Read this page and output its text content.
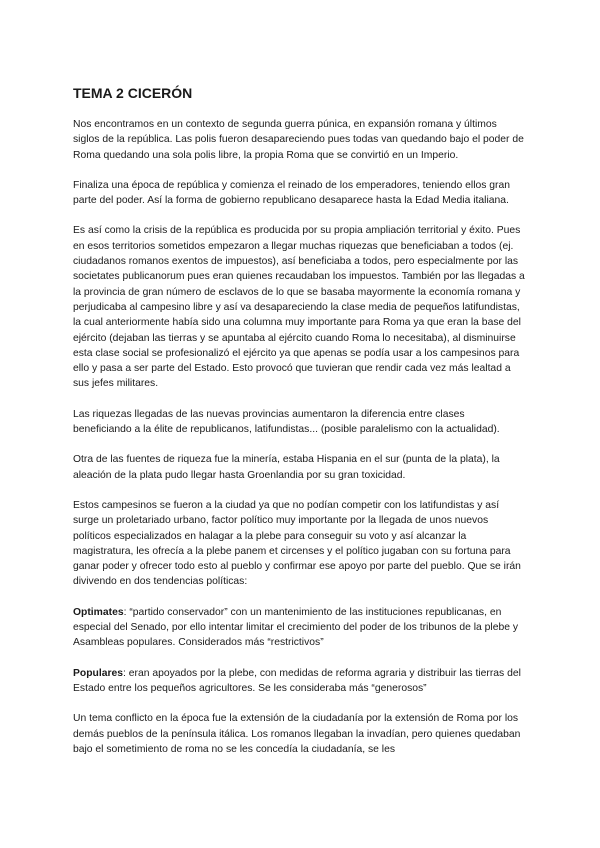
TEMA 2 CICERÓN

Nos encontramos en un contexto de segunda guerra púnica, en expansión romana y últimos siglos de la república. Las polis fueron desapareciendo pues todas van quedando bajo el poder de Roma quedando una sola polis libre, la propia Roma que se convirtió en un Imperio.

Finaliza una época de república y comienza el reinado de los emperadores, teniendo ellos gran parte del poder. Así la forma de gobierno republicano desaparece hasta la Edad Media italiana.

Es así como la crisis de la república es producida por su propia ampliación territorial y éxito. Pues en esos territorios sometidos empezaron a llegar muchas riquezas que beneficiaban a todos (ej. ciudadanos romanos exentos de impuestos), así beneficiaba a todos, pero especialmente por las societates publicanorum pues eran quienes recaudaban los impuestos. También por las llegadas a la provincia de gran número de esclavos de lo que se basaba mayormente la economía romana y perjudicaba al campesino libre y así va desapareciendo la clase media de pequeños latifundistas, la cual anteriormente había sido una columna muy importante para Roma ya que eran la base del ejército (dejaban las tierras y se apuntaba al ejército cuando Roma lo necesitaba), al disminuirse esta clase social se profesionalizó el ejército ya que apenas se podía usar a los campesinos para ello y pasa a ser parte del Estado. Esto provocó que tuvieran que rendir cada vez más lealtad a sus jefes militares.

Las riquezas llegadas de las nuevas provincias aumentaron la diferencia entre clases beneficiando a la élite de republicanos, latifundistas... (posible paralelismo con la actualidad).

Otra de las fuentes de riqueza fue la minería, estaba Hispania en el sur (punta de la plata), la aleación de la plata pudo llegar hasta Groenlandia por su gran toxicidad.

Estos campesinos se fueron a la ciudad ya que no podían competir con los latifundistas y así surge un proletariado urbano, factor político muy importante por la llegada de unos nuevos políticos especializados en halagar a la plebe para conseguir su voto y así alcanzar la magistratura, les ofrecía a la plebe panem et circenses y el político jugaban con su fortuna para ganar poder y ofrecer todo esto al pueblo y confirmar ese apoyo por parte del pueblo. Que se irán divivendo en dos tendencias políticas:

Optimates: “partido conservador” con un mantenimiento de las instituciones republicanas, en especial del Senado, por ello intentar limitar el crecimiento del poder de los tribunos de la plebe y Asambleas populares. Considerados más “restrictivos”

Populares: eran apoyados por la plebe, con medidas de reforma agraria y distribuir las tierras del Estado entre los pequeños agricultores. Se les consideraba más “generosos”

Un tema conflicto en la época fue la extensión de la ciudadanía por la extensión de Roma por los demás pueblos de la península itálica. Los romanos llegaban la invadían, pero quienes quedaban bajo el sometimiento de roma no se les concedía la ciudadanía, se les
